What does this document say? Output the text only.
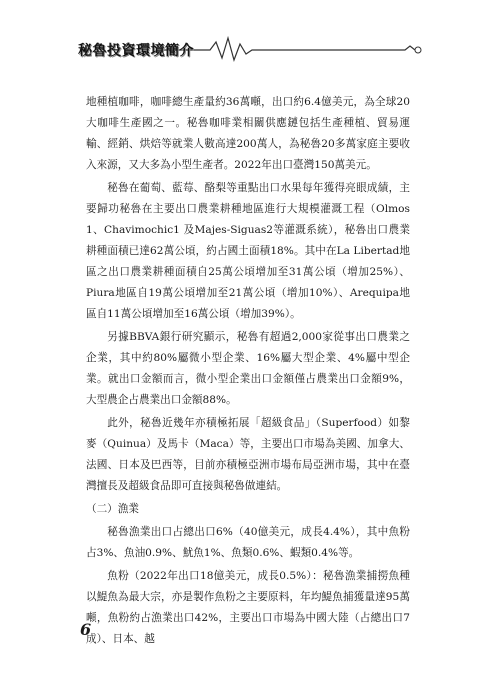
秘魯投資環境簡介

地種植咖啡，咖啡總生產量約36萬噸，出口約6.4億美元，為全球20大咖啡生產國之一。秘魯咖啡業相關供應鏈包括生產種植、貿易運輸、經銷、烘焙等就業人數高達200萬人，為秘魯20多萬家庭主要收入來源，又大多為小型生產者。2022年出口臺灣150萬美元。

秘魯在葡萄、藍莓、酪梨等重點出口水果每年獲得亮眼成績，主要歸功秘魯在主要出口農業耕種地區進行大規模灌溉工程（Olmos 1、Chavimochic1 及Majes-Siguas2等灌溉系統），秘魯出口農業耕種面積已達62萬公頃，約占國土面積18%。其中在La Libertad地區之出口農業耕種面積自25萬公頃增加至31萬公頃（增加25%）、Piura地區自19萬公頃增加至21萬公頃（增加10%）、Arequipa地區自11萬公頃增加至16萬公頃（增加39%）。

另據BBVA銀行研究顯示，秘魯有超過2,000家從事出口農業之企業，其中約80%屬微小型企業、16%屬大型企業、4%屬中型企業。就出口金額而言，微小型企業出口金額僅占農業出口金額9%，大型農企占農業出口金額88%。

此外，秘魯近幾年亦積極拓展「超級食品」（Superfood）如黎麥（Quinua）及馬卡（Maca）等，主要出口市場為美國、加拿大、法國、日本及巴西等，目前亦積極亞洲市場布局亞洲市場，其中在臺灣擅長及超級食品即可直接與秘魯做連結。

（二）漁業

秘魯漁業出口占總出口6%（40億美元，成長4.4%），其中魚粉占3%、魚油0.9%、魷魚1%、魚類0.6%、蝦類0.4%等。

魚粉（2022年出口18億美元，成長0.5%）：秘魯漁業捕撈魚種以鯷魚為最大宗，亦是製作魚粉之主要原料，年均鯷魚捕獲量達95萬噸，魚粉約占漁業出口42%，主要出口市場為中國大陸（占總出口7成）、日本、越

6
